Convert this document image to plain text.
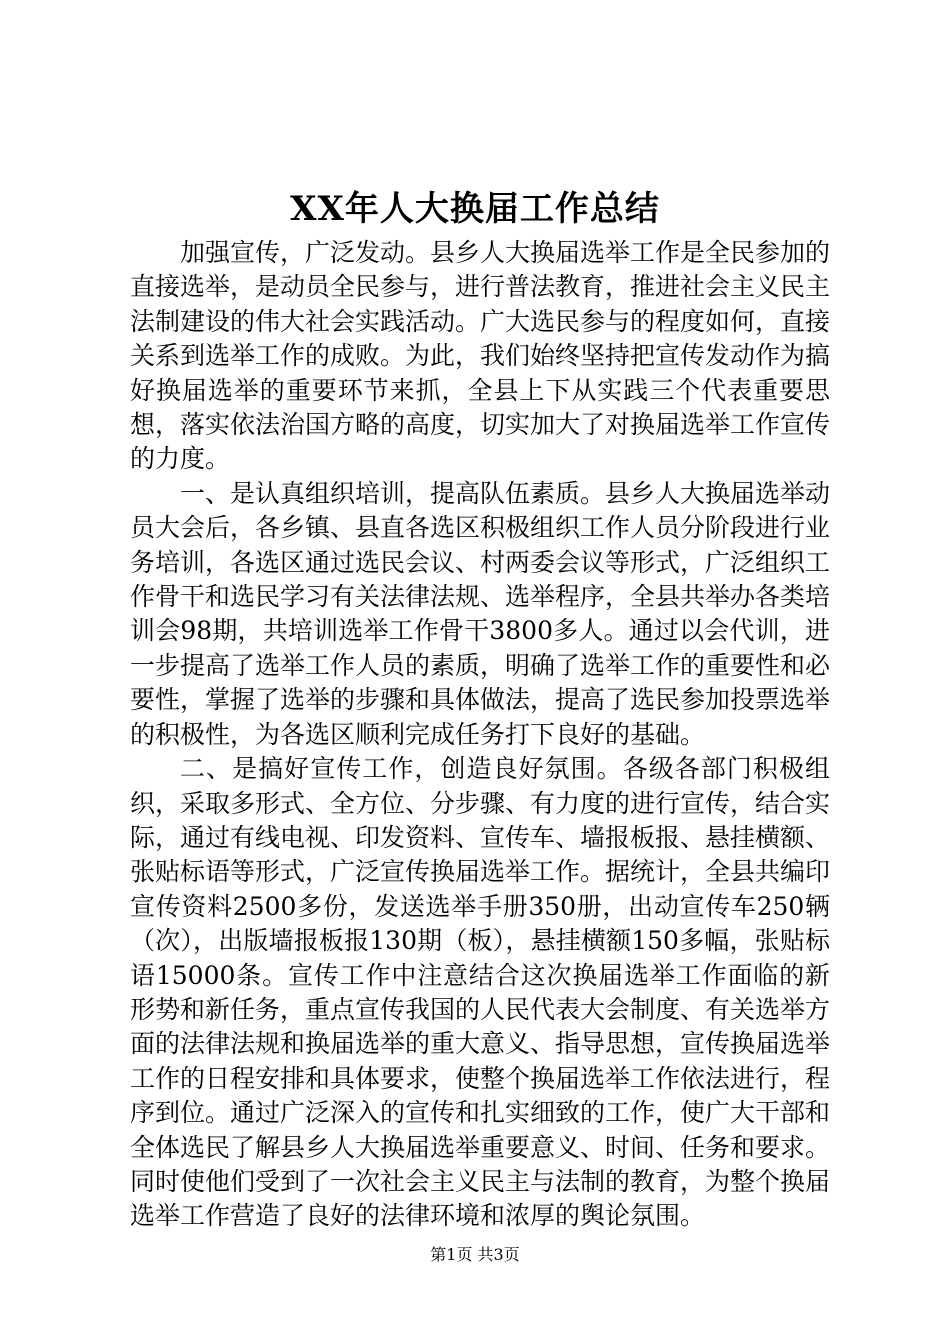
XX年人大换届工作总结

加强宣传，广泛发动。县乡人大换届选举工作是全民参加的直接选举，是动员全民参与，进行普法教育，推进社会主义民主法制建设的伟大社会实践活动。广大选民参与的程度如何，直接关系到选举工作的成败。为此，我们始终坚持把宣传发动作为搞好换届选举的重要环节来抓，全县上下从实践三个代表重要思想，落实依法治国方略的高度，切实加大了对换届选举工作宣传的力度。

一、是认真组织培训，提高队伍素质。县乡人大换届选举动员大会后，各乡镇、县直各选区积极组织工作人员分阶段进行业务培训，各选区通过选民会议、村两委会议等形式，广泛组织工作骨干和选民学习有关法律法规、选举程序，全县共举办各类培训会98期，共培训选举工作骨干3800多人。通过以会代训，进一步提高了选举工作人员的素质，明确了选举工作的重要性和必要性，掌握了选举的步骤和具体做法，提高了选民参加投票选举的积极性，为各选区顺利完成任务打下良好的基础。

二、是搞好宣传工作，创造良好氛围。各级各部门积极组织，采取多形式、全方位、分步骤、有力度的进行宣传，结合实际，通过有线电视、印发资料、宣传车、墙报板报、悬挂横额、张贴标语等形式，广泛宣传换届选举工作。据统计，全县共编印宣传资料2500多份，发送选举手册350册，出动宣传车250辆（次），出版墙报板报130期（板），悬挂横额150多幅，张贴标语15000条。宣传工作中注意结合这次换届选举工作面临的新形势和新任务，重点宣传我国的人民代表大会制度、有关选举方面的法律法规和换届选举的重大意义、指导思想，宣传换届选举工作的日程安排和具体要求，使整个换届选举工作依法进行，程序到位。通过广泛深入的宣传和扎实细致的工作，使广大干部和全体选民了解县乡人大换届选举重要意义、时间、任务和要求。同时使他们受到了一次社会主义民主与法制的教育，为整个换届选举工作营造了良好的法律环境和浓厚的舆论氛围。

第1页 共3页
